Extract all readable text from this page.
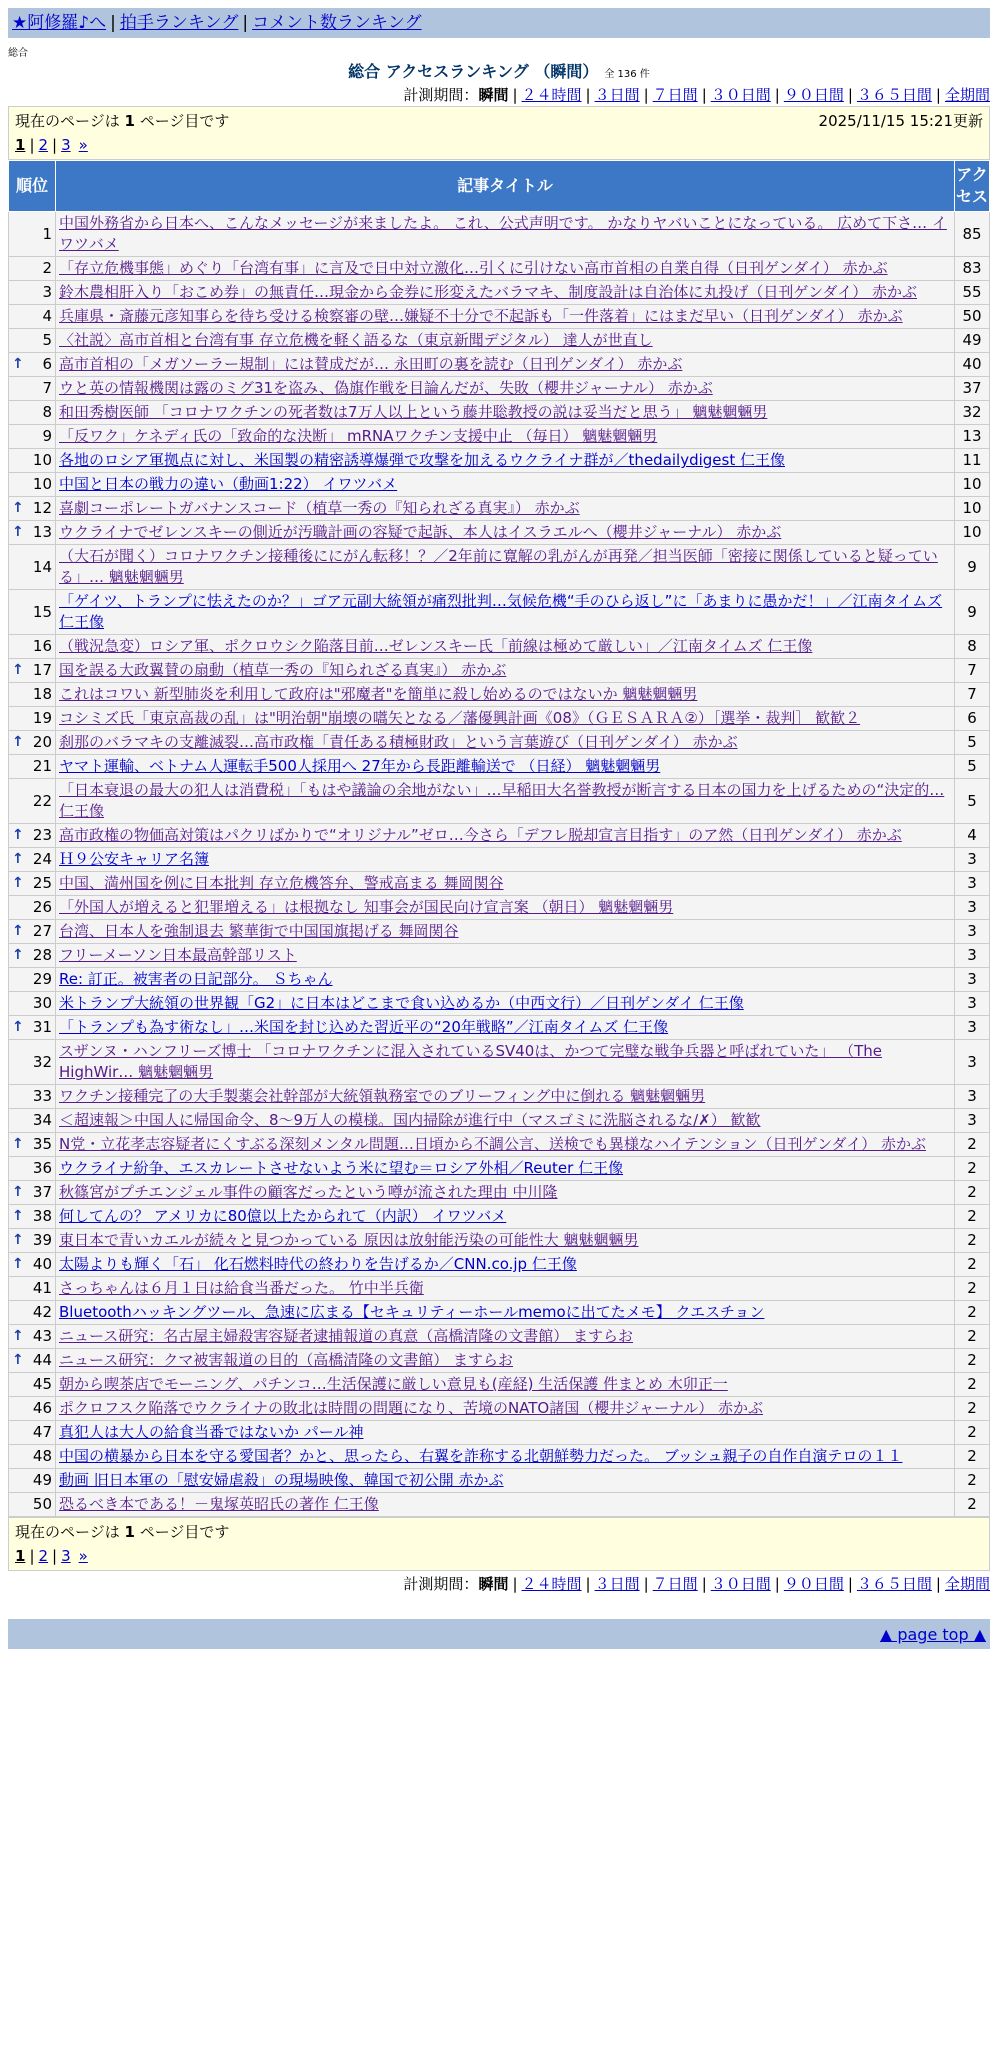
★阿修羅♪へ | 拍手ランキング | コメント数ランキング
総合
総合 アクセスランキング （瞬間） 全 136 件
計測期間：瞬間 | ２４時間 | ３日間 | ７日間 | ３０日間 | ９０日間 | ３６５日間 | 全期間
現在のページは 1 ページ目です	2025/11/15 15:21更新
1 | 2 | 3 »
順位	記事タイトル	アクセス
1	中国外務省から日本へ、こんなメッセージが来ましたよ。 これ、公式声明です。 かなりヤバいことになっている。 広めて下さ… イワツバメ	85
2	「存立危機事態」めぐり「台湾有事」に言及で日中対立激化…引くに引けない高市首相の自業自得（日刊ゲンダイ） 赤かぶ	83
3	鈴木農相肝入り「おこめ券」の無責任…現金から金券に形変えたバラマキ、制度設計は自治体に丸投げ（日刊ゲンダイ） 赤かぶ	55
4	兵庫県・斎藤元彦知事らを待ち受ける検察審の壁…嫌疑不十分で不起訴も「一件落着」にはまだ早い（日刊ゲンダイ） 赤かぶ	50
5	〈社説〉高市首相と台湾有事 存立危機を軽く語るな（東京新聞デジタル） 達人が世直し	49

↑ 6	高市首相の「メガソーラー規制」には賛成だが… 永田町の裏を読む（日刊ゲンダイ） 赤かぶ	40
7	ウと英の情報機関は露のミグ31を盗み、偽旗作戦を目論んだが、失敗（櫻井ジャーナル） 赤かぶ	37
8	和田秀樹医師 「コロナワクチンの死者数は7万人以上という藤井聡教授の説は妥当だと思う」 魑魅魍魎男	32
9	「反ワク」ケネディ氏の「致命的な決断」 mRNAワクチン支援中止 （毎日） 魑魅魍魎男	13
10	各地のロシア軍拠点に対し、米国製の精密誘導爆弾で攻撃を加えるウクライナ群が／thedailydigest 仁王像	11
10	中国と日本の戦力の違い（動画1:22） イワツバメ	10

↑ 12	喜劇コーポレートガバナンスコード（植草一秀の『知られざる真実』） 赤かぶ	10

↑ 13	ウクライナでゼレンスキーの側近が汚職計画の容疑で起訴、本人はイスラエルへ（櫻井ジャーナル） 赤かぶ	10
14	（大石が聞く）コロナワクチン接種後ににがん転移！？／2年前に寛解の乳がんが再発／担当医師「密接に関係していると疑っている」… 魑魅魍魎男	9
15	「ゲイツ、トランプに怯えたのか？」ゴア元副大統領が痛烈批判…気候危機“手のひら返し”に「あまりに愚かだ！」／江南タイムズ 仁王像	9
16	（戦況急変）ロシア軍、ポクロウシク陥落目前…ゼレンスキー氏「前線は極めて厳しい」／江南タイムズ 仁王像	8

↑ 17	国を誤る大政翼賛の扇動（植草一秀の『知られざる真実』） 赤かぶ	7
18	これはコワい 新型肺炎を利用して政府は"邪魔者"を簡単に殺し始めるのではないか 魑魅魍魎男	7
19	コシミズ氏「東京高裁の乱」は"明治朝"崩壊の嚆矢となる／藩優興計画《08》（ＧＥＳＡＲＡ②）［選挙・裁判］ 歓歓２	6

↑ 20	刹那のバラマキの支離滅裂…高市政権「責任ある積極財政」という言葉遊び（日刊ゲンダイ） 赤かぶ	5
21	ヤマト運輸、ベトナム人運転手500人採用へ 27年から長距離輸送で （日経） 魑魅魍魎男	5
22	「日本衰退の最大の犯人は消費税」「もはや議論の余地がない」…早稲田大名誉教授が断言する日本の国力を上げるための“決定的… 仁王像	5

↑ 23	高市政権の物価高対策はパクリばかりで“オリジナル”ゼロ…今さら「デフレ脱却宣言目指す」のア然（日刊ゲンダイ） 赤かぶ	4

↑ 24	Ｈ９公安キャリア名簿	3

↑ 25	中国、満州国を例に日本批判 存立危機答弁、警戒高まる 舞岡関谷	3
26	「外国人が増えると犯罪増える」は根拠なし 知事会が国民向け宣言案 （朝日） 魑魅魍魎男	3

↑ 27	台湾、日本人を強制退去 繁華街で中国国旗掲げる 舞岡関谷	3

↑ 28	フリーメーソン日本最高幹部リスト	3
29	Re: 訂正。被害者の日記部分。 Ｓちゃん	3
30	米トランプ大統領の世界観「G2」に日本はどこまで食い込めるか（中西文行）／日刊ゲンダイ 仁王像	3

↑ 31	「トランプも為す術なし」…米国を封じ込めた習近平の“20年戦略”／江南タイムズ 仁王像	3
32	スザンヌ・ハンフリーズ博士 「コロナワクチンに混入されているSV40は、かつて完璧な戦争兵器と呼ばれていた」 （The HighWir… 魑魅魍魎男	3
33	ワクチン接種完了の大手製薬会社幹部が大統領執務室でのブリーフィング中に倒れる 魑魅魍魎男	3
34	＜超速報＞中国人に帰国命令、8～9万人の模様。国内掃除が進行中（マスゴミに洗脳されるな/✗） 歓歓	3

↑ 35	N党・立花孝志容疑者にくすぶる深刻メンタル問題…日頃から不調公言、送検でも異様なハイテンション（日刊ゲンダイ） 赤かぶ	2
36	ウクライナ紛争、エスカレートさせないよう米に望む＝ロシア外相／Reuter 仁王像	2

↑ 37	秋篠宮がプチエンジェル事件の顧客だったという噂が流された理由 中川隆	2

↑ 38	何してんの？ アメリカに80億以上たかられて（内訳） イワツバメ	2

↑ 39	東日本で青いカエルが続々と見つかっている 原因は放射能汚染の可能性大 魑魅魍魎男	2

↑ 40	太陽よりも輝く「石」 化石燃料時代の終わりを告げるか／CNN.co.jp 仁王像	2
41	さっちゃんは６月１日は給食当番だった。 竹中半兵衛	2
42	Bluetoothハッキングツール、急速に広まる【セキュリティーホールmemoに出てたメモ】 クエスチョン	2

↑ 43	ニュース研究：名古屋主婦殺害容疑者逮捕報道の真意（高橋清隆の文書館） ますらお	2

↑ 44	ニュース研究：クマ被害報道の目的（高橋清隆の文書館） ますらお	2
45	朝から喫茶店でモーニング、パチンコ…生活保護に厳しい意見も(産経) 生活保護 件まとめ 木卯正一	2
46	ポクロフスク陥落でウクライナの敗北は時間の問題になり、苦境のNATO諸国（櫻井ジャーナル） 赤かぶ	2
47	真犯人は大人の給食当番ではないか パール神	2
48	中国の横暴から日本を守る愛国者？かと、思ったら、右翼を詐称する北朝鮮勢力だった。 ブッシュ親子の自作自演テロの１１	2
49	動画 旧日本軍の「慰安婦虐殺」の現場映像、韓国で初公開 赤かぶ	2
50	恐るべき本である！－鬼塚英昭氏の著作 仁王像	2
現在のページは 1 ページ目です
1 | 2 | 3 »
計測期間：瞬間 | ２４時間 | ３日間 | ７日間 | ３０日間 | ９０日間 | ３６５日間 | 全期間
▲ page top ▲
